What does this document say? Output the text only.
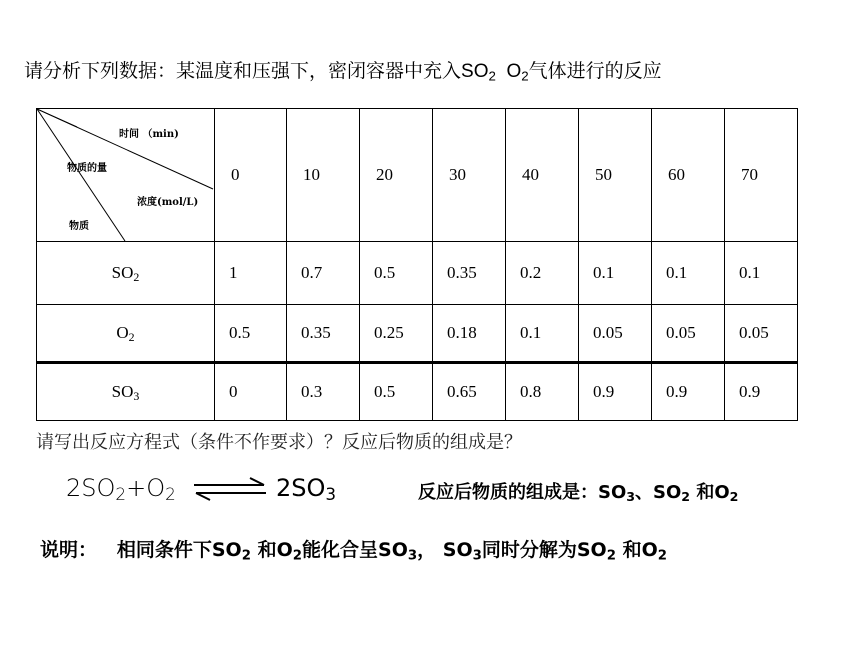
请分析下列数据：某温度和压强下，密闭容器中充入$SO_2$ $O_2$气体进行的反应
时间 （min)
物质的量
浓度(mol/L)
物质	0	10	20	30	40	50	60	70
$SO_2$	1	0.7	0.5	0.35	0.2	0.1	0.1	0.1
$O_2$	0.5	0.35	0.25	0.18	0.1	0.05	0.05	0.05
$SO_3$	0	0.3	0.5	0.65	0.8	0.9	0.9	0.9
请写出反应方程式（条件不作要求）？反应后物质的组成是？
$2SO_2+O_2$ ⇌ $2SO_3$	反应后物质的组成是：$SO_3$、$SO_2$ 和$O_2$
说明： 相同条件下$SO_2$ 和$O_2$能化合呈$SO_3$， $SO_3$同时分解为$SO_2$ 和$O_2$
